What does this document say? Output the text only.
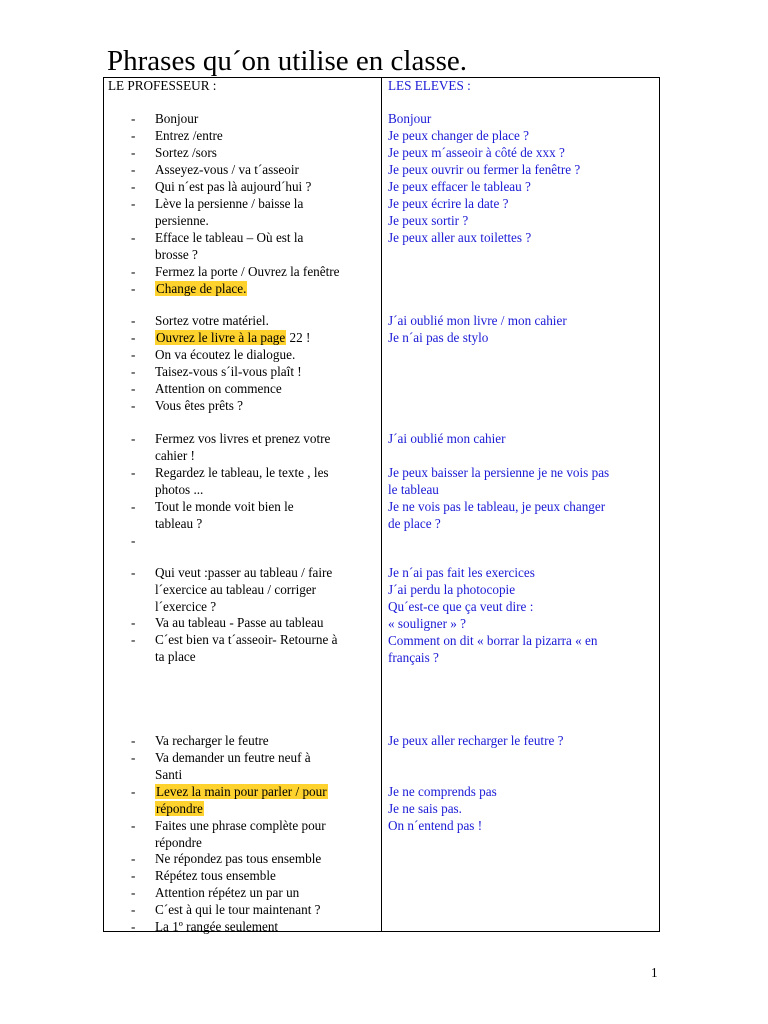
Phrases qu´on utilise en classe.
LE PROFESSEUR :	LES ELEVES :
- Bonjour
- Entrez /entre
- Sortez /sors
- Asseyez-vous / va t´asseoir
- Qui n´est pas là aujourd´hui ?
- Lève la persienne / baisse la
persienne.
- Efface le tableau – Où est la
brosse ?
- Fermez la porte / Ouvrez la fenêtre
- Change de place.
- Sortez votre matériel.
- Ouvrez le livre à la page 22 !
- On va écoutez le dialogue.
- Taisez-vous s´il-vous plaît !
- Attention on commence
- Vous êtes prêts ?
- Fermez vos livres et prenez votre
cahier !
- Regardez le tableau, le texte , les
photos ...
- Tout le monde voit bien le
tableau ?
-
- Qui veut :passer au tableau / faire
l´exercice au tableau / corriger
l´exercice ?
- Va au tableau - Passe au tableau
- C´est bien va t´asseoir- Retourne à
ta place
- Va recharger le feutre
- Va demander un feutre neuf à
Santi
- Levez la main pour parler / pour
répondre
- Faites une phrase complète pour
répondre
- Ne répondez pas tous ensemble
- Répétez tous ensemble
- Attention répétez un par un
- C´est à qui le tour maintenant ?
- La 1º rangée seulement
Bonjour
Je peux changer de place ?
Je peux m´asseoir à côté de xxx ?
Je peux ouvrir ou fermer la fenêtre ?
Je peux effacer le tableau ?
Je peux écrire la date ?
Je peux sortir ?
Je peux aller aux toilettes ?
J´ai oublié mon livre / mon cahier
Je n´ai pas de stylo
J´ai oublié mon cahier
Je peux baisser la persienne je ne vois pas
le tableau
Je ne vois pas le tableau, je peux changer
de place ?
Je n´ai pas fait les exercices
J´ai perdu la photocopie
Qu´est-ce que ça veut dire :
« souligner » ?
Comment on dit « borrar la pizarra « en
français ?
Je peux aller recharger le feutre ?
Je ne comprends pas
Je ne sais pas.
On n´entend pas !
1
